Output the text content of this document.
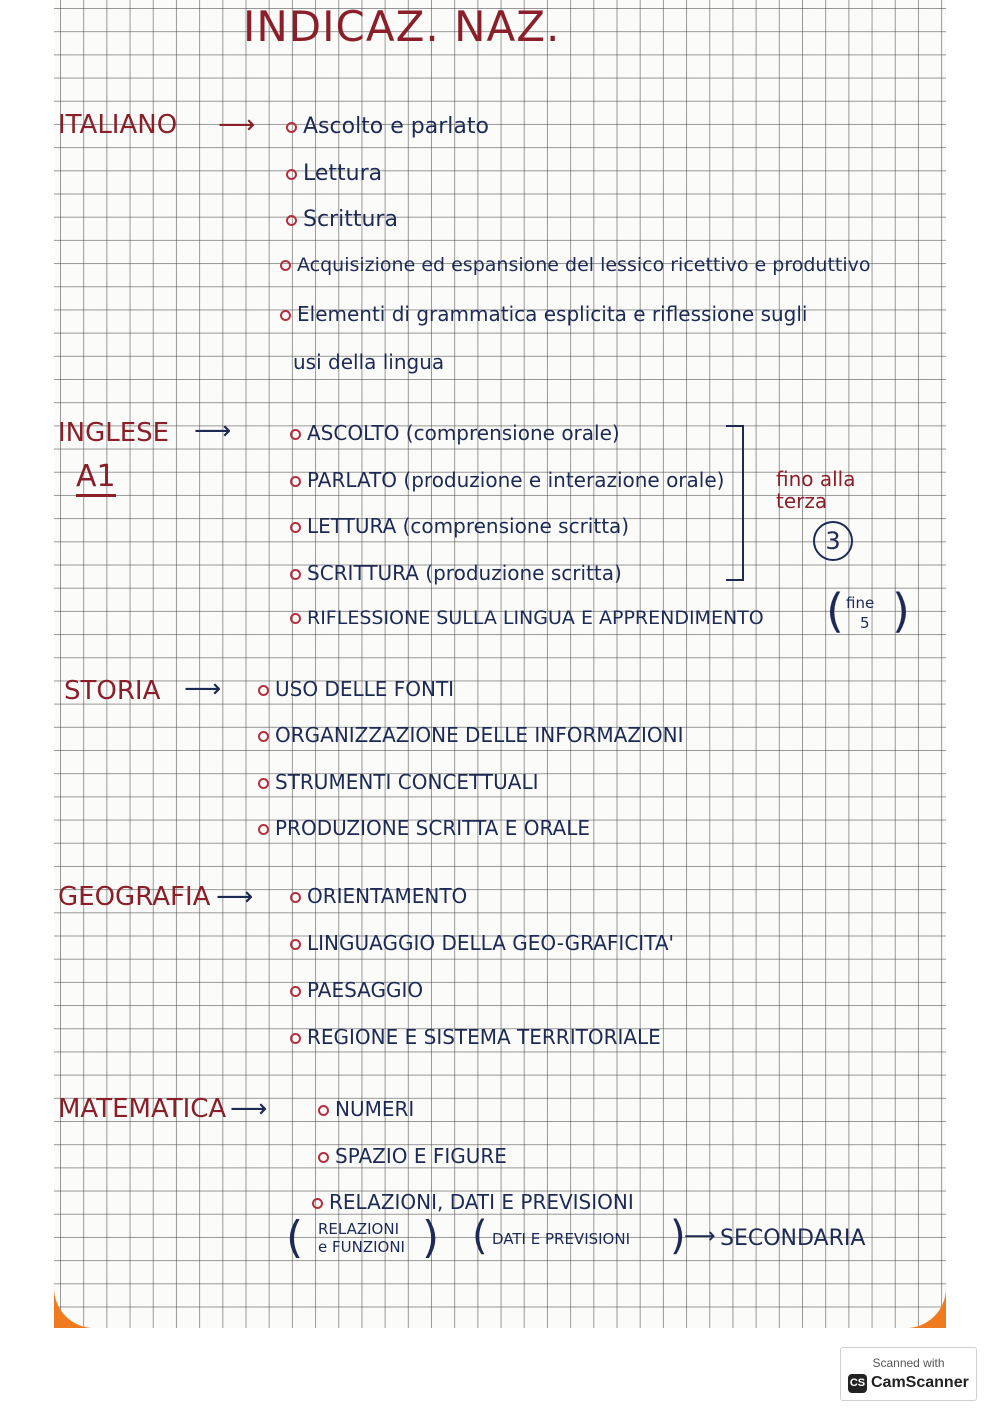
INDICAZ. NAZ.
ITALIANO ⟶	Ascolto e parlato
Lettura
Scrittura
Acquisizione ed espansione del lessico ricettivo e produttivo
Elementi di grammatica esplicita e riflessione sugli
usi della lingua
INGLESE
A1
⟶	ASCOLTO (comprensione orale)
PARLATO (produzione e interazione orale)
LETTURA (comprensione scritta)
SCRITTURA (produzione scritta)
RIFLESSIONE SULLA LINGUA E APPRENDIMENTO
fino alla terza
3
( fine
5 )
STORIA ⟶	USO DELLE FONTI
ORGANIZZAZIONE DELLE INFORMAZIONI
STRUMENTI CONCETTUALI
PRODUZIONE SCRITTA E ORALE
GEOGRAFIA ⟶	ORIENTAMENTO
LINGUAGGIO DELLA GEO-GRAFICITA'
PAESAGGIO
REGIONE E SISTEMA TERRITORIALE
MATEMATICA ⟶	NUMERI
SPAZIO E FIGURE
RELAZIONI, DATI E PREVISIONI
( RELAZIONI
e FUNZIONI ) ( DATI E PREVISIONI )
⟶ SECONDARIA
Scanned with
CS CamScanner
